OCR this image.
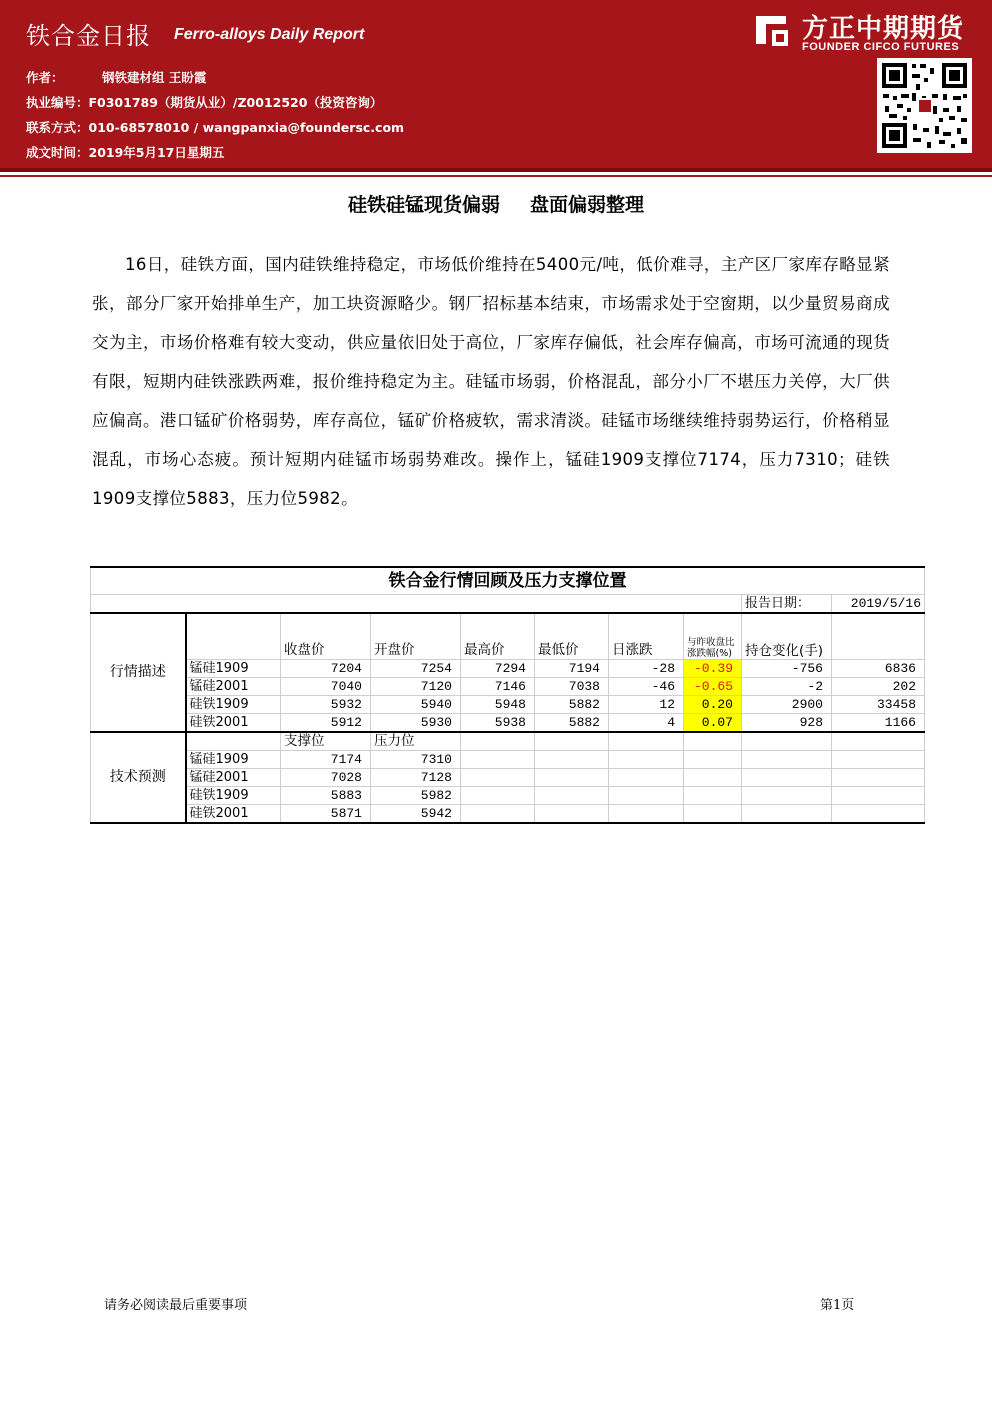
铁合金日报 Ferro-alloys Daily Report
作者：	钢铁建材组 王盼霞
执业编号：F0301789（期货从业）/Z0012520（投资咨询）
联系方式：010-68578010 / wangpanxia@foundersc.com
成文时间：2019年5月17日星期五
方正中期期货
FOUNDER CIFCO FUTURES
硅铁硅锰现货偏弱 盘面偏弱整理
16日，硅铁方面，国内硅铁维持稳定，市场低价维持在5400元/吨，低价难寻，主产区厂家库存略显紧张，部分厂家开始排单生产，加工块资源略少。钢厂招标基本结束，市场需求处于空窗期，以少量贸易商成交为主，市场价格难有较大变动，供应量依旧处于高位，厂家库存偏低，社会库存偏高，市场可流通的现货有限，短期内硅铁涨跌两难，报价维持稳定为主。硅锰市场弱，价格混乱，部分小厂不堪压力关停，大厂供应偏高。港口锰矿价格弱势，库存高位，锰矿价格疲软，需求清淡。硅锰市场继续维持弱势运行，价格稍显混乱，市场心态疲。预计短期内硅锰市场弱势难改。操作上，锰硅1909支撑位7174，压力7310；硅铁1909支撑位5883，压力位5982。
铁合金行情回顾及压力支撑位置									
								报告日期：	2019/5/16
行情描述		收盘价	开盘价	最高价	最低价	日涨跌	与昨收盘比涨跌幅(%)	持仓变化(手)	
	锰硅1909	7204	7254	7294	7194	-28	-0.39	-756	6836
	锰硅2001	7040	7120	7146	7038	-46	-0.65	-2	202
	硅铁1909	5932	5940	5948	5882	12	0.20	2900	33458
	硅铁2001	5912	5930	5938	5882	4	0.07	928	1166
技术预测		支撑位	压力位						
	锰硅1909	7174	7310						
	锰硅2001	7028	7128						
	硅铁1909	5883	5982						
	硅铁2001	5871	5942						
请务必阅读最后重要事项	第1页
